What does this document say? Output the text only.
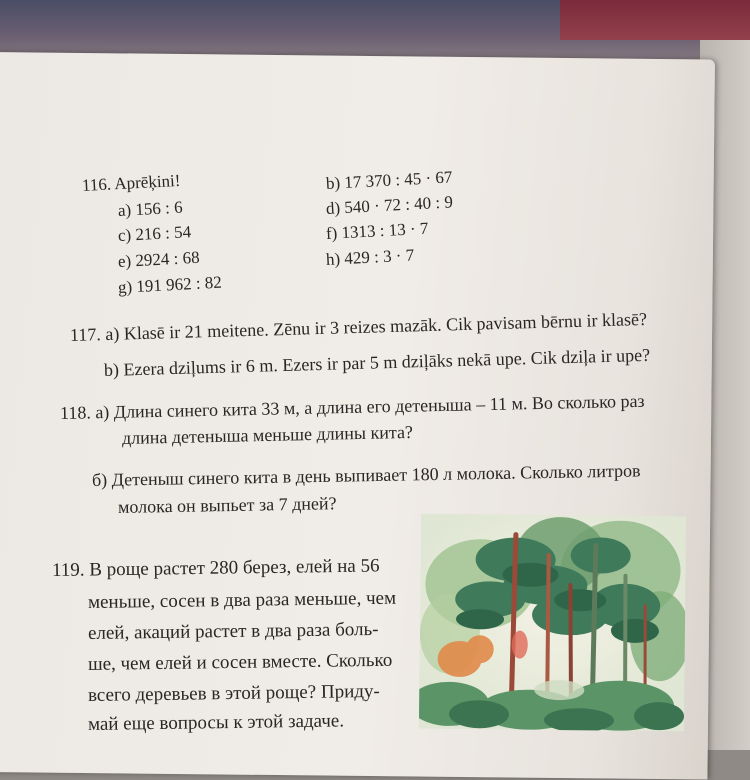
116. Aprēķini!
a) 156 : 6
c) 216 : 54
e) 2924 : 68
g) 191 962 : 82
b) 17 370 : 45 · 67
d) 540 · 72 : 40 : 9
f) 1313 : 13 · 7
h) 429 : 3 · 7
117. a) Klasē ir 21 meitene. Zēnu ir 3 reizes mazāk. Cik pavisam bērnu ir klasē?
b) Ezera dziļums ir 6 m. Ezers ir par 5 m dziļāks nekā upe. Cik dziļa ir upe?
118. а) Длина синего кита 33 м, а длина его детеныша – 11 м. Во сколько раз
длина детеныша меньше длины кита?
б) Детеныш синего кита в день выпивает 180 л молока. Сколько литров
молока он выпьет за 7 дней?
119. В роще растет 280 берез, елей на 56
меньше, сосен в два раза меньше, чем
елей, акаций растет в два раза боль-
ше, чем елей и сосен вместе. Сколько
всего деревьев в этой роще? Приду-
май еще вопросы к этой задаче.
